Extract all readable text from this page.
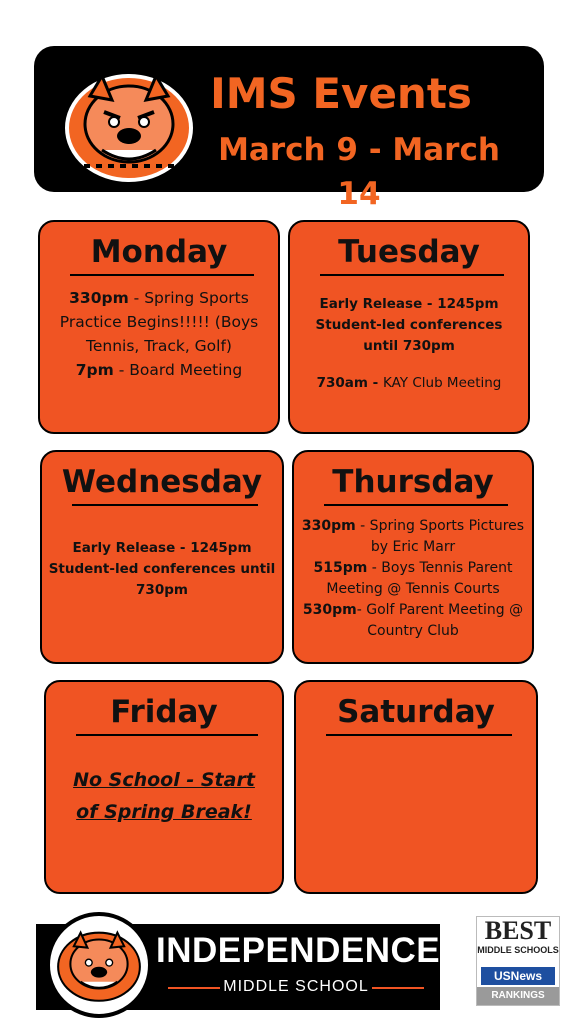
IMS Events
March 9 - March 14
Monday
330pm - Spring Sports Practice Begins!!!!! (Boys Tennis, Track, Golf)
7pm - Board Meeting
Tuesday
Early Release - 1245pm
Student-led conferences until 730pm

730am - KAY Club Meeting
Wednesday
Early Release - 1245pm
Student-led conferences until 730pm
Thursday
330pm - Spring Sports Pictures by Eric Marr
515pm - Boys Tennis Parent Meeting @ Tennis Courts
530pm- Golf Parent Meeting @ Country Club
Friday
No School - Start of Spring Break!
Saturday
INDEPENDENCE
MIDDLE SCHOOL
BEST
MIDDLE SCHOOLS
USNews
RANKINGS
